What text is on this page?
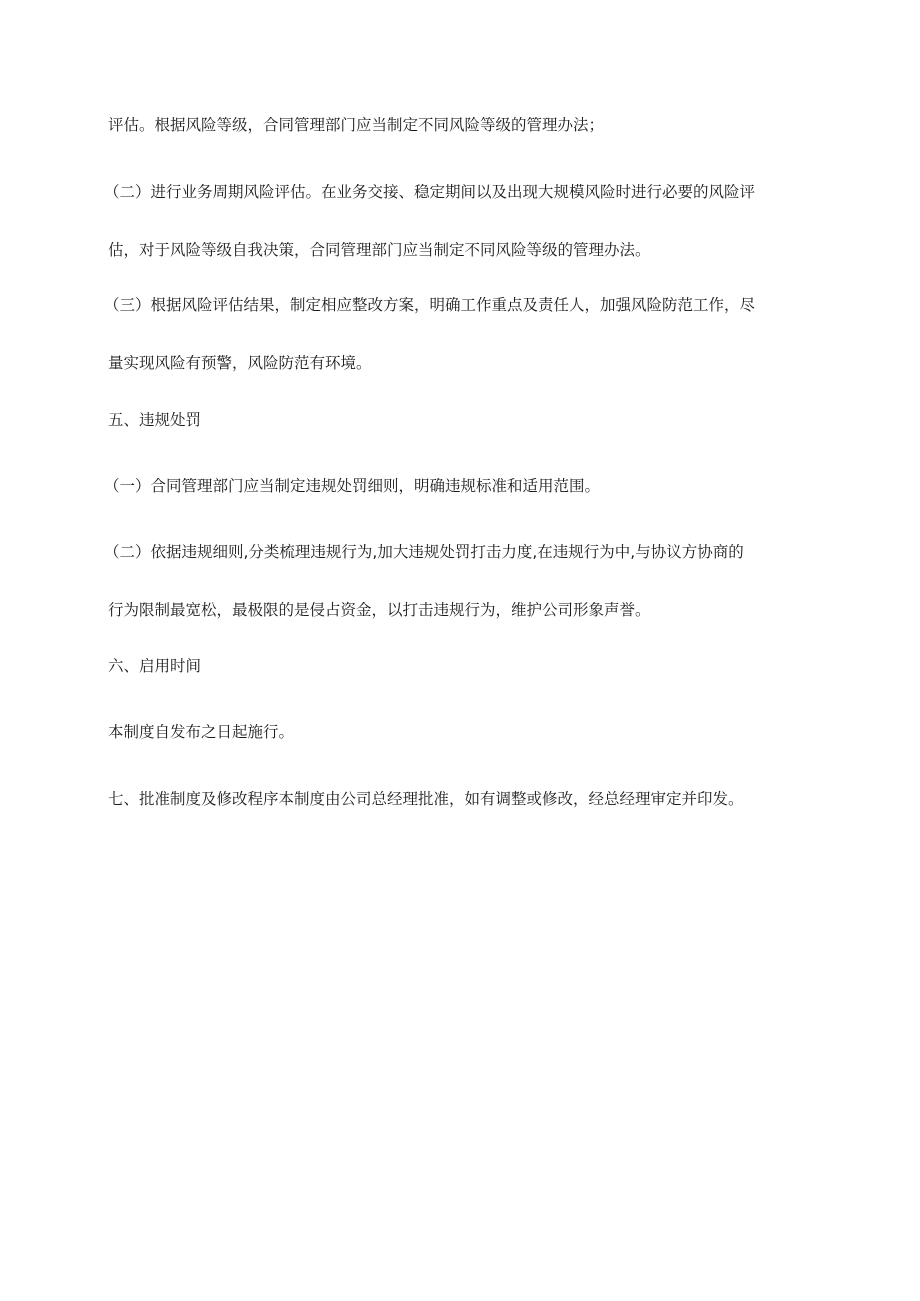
评估。根据风险等级，合同管理部门应当制定不同风险等级的管理办法；

（二）进行业务周期风险评估。在业务交接、稳定期间以及出现大规模风险时进行必要的风险评
估，对于风险等级自我决策，合同管理部门应当制定不同风险等级的管理办法。

（三）根据风险评估结果，制定相应整改方案，明确工作重点及责任人，加强风险防范工作，尽
量实现风险有预警，风险防范有环境。

五、违规处罚

（一）合同管理部门应当制定违规处罚细则，明确违规标准和适用范围。

（二）依据违规细则,分类梳理违规行为,加大违规处罚打击力度,在违规行为中,与协议方协商的
行为限制最宽松，最极限的是侵占资金，以打击违规行为，维护公司形象声誉。

六、启用时间

本制度自发布之日起施行。

七、批准制度及修改程序本制度由公司总经理批准，如有调整或修改，经总经理审定并印发。
